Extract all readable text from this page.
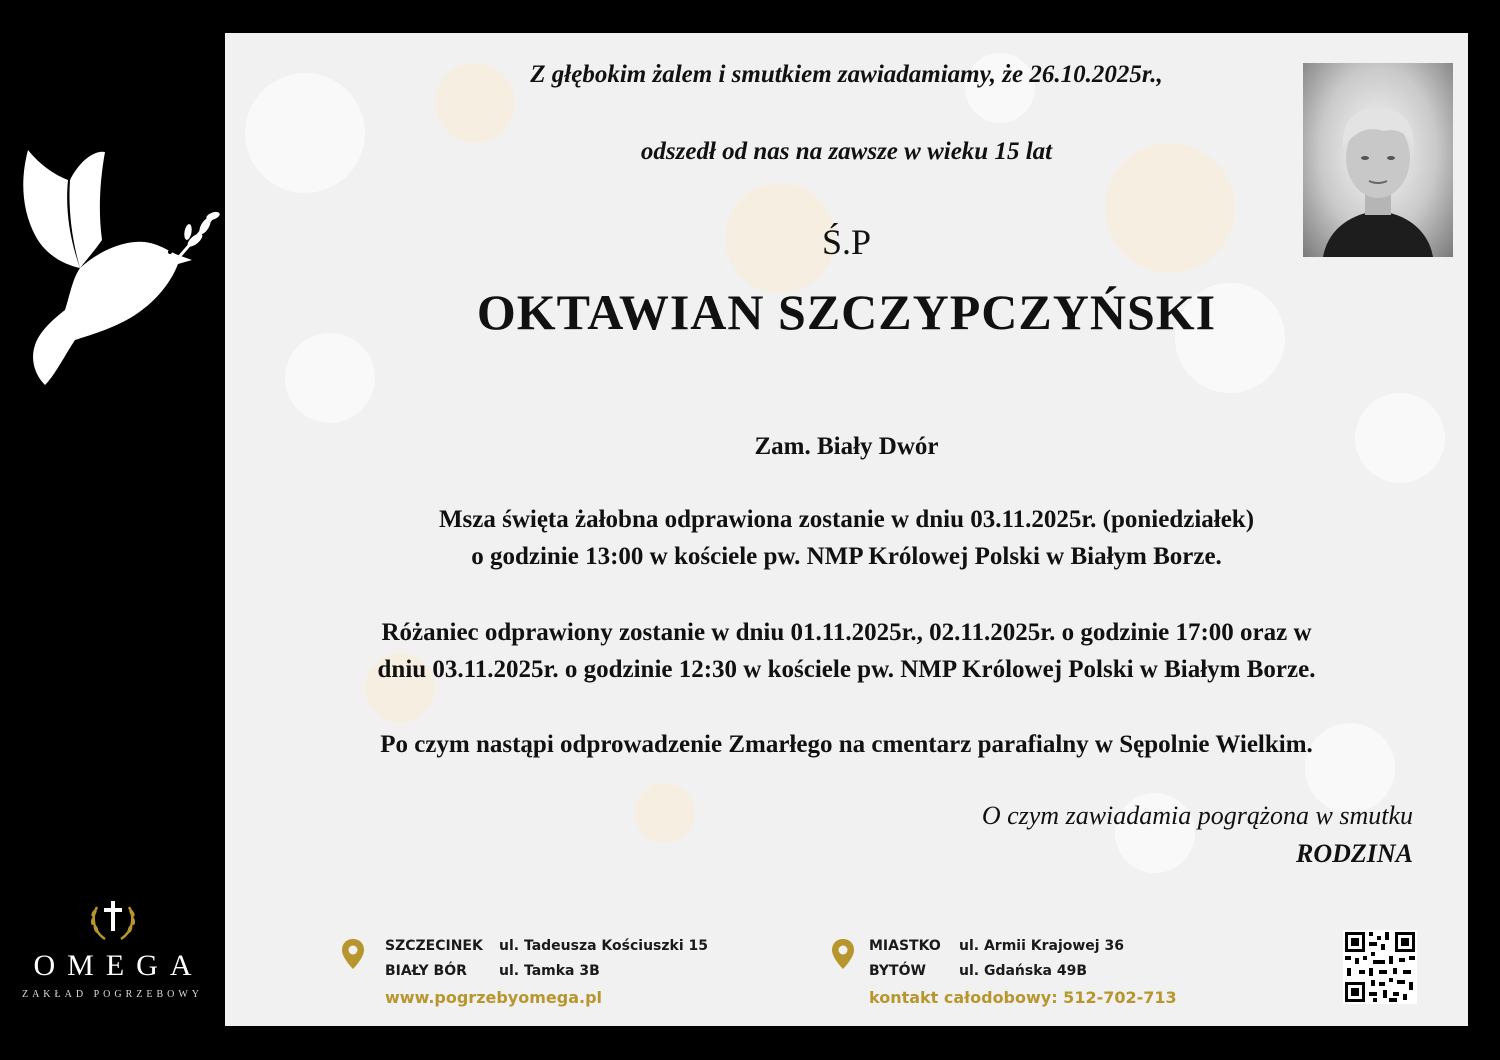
OMEGA
ZAKŁAD POGRZEBOWY
Z głębokim żalem i smutkiem zawiadamiamy, że 26.10.2025r.,
odszedł od nas na zawsze w wieku 15 lat
Ś.P
OKTAWIAN SZCZYPCZYŃSKI
Zam. Biały Dwór
Msza święta żałobna odprawiona zostanie w dniu 03.11.2025r. (poniedziałek)
o godzinie 13:00 w kościele pw. NMP Królowej Polski w Białym Borze.
Różaniec odprawiony zostanie w dniu 01.11.2025r., 02.11.2025r. o godzinie 17:00 oraz w
dniu 03.11.2025r. o godzinie 12:30 w kościele pw. NMP Królowej Polski w Białym Borze.
Po czym nastąpi odprowadzenie Zmarłego na cmentarz parafialny w Sępolnie Wielkim.
O czym zawiadamia pogrążona w smutku
RODZINA
SZCZECINEK ul. Tadeusza Kościuszki 15
BIAŁY BÓR ul. Tamka 3B
www.pogrzebyomega.pl
MIASTKO ul. Armii Krajowej 36
BYTÓW ul. Gdańska 49B
kontakt całodobowy: 512-702-713
